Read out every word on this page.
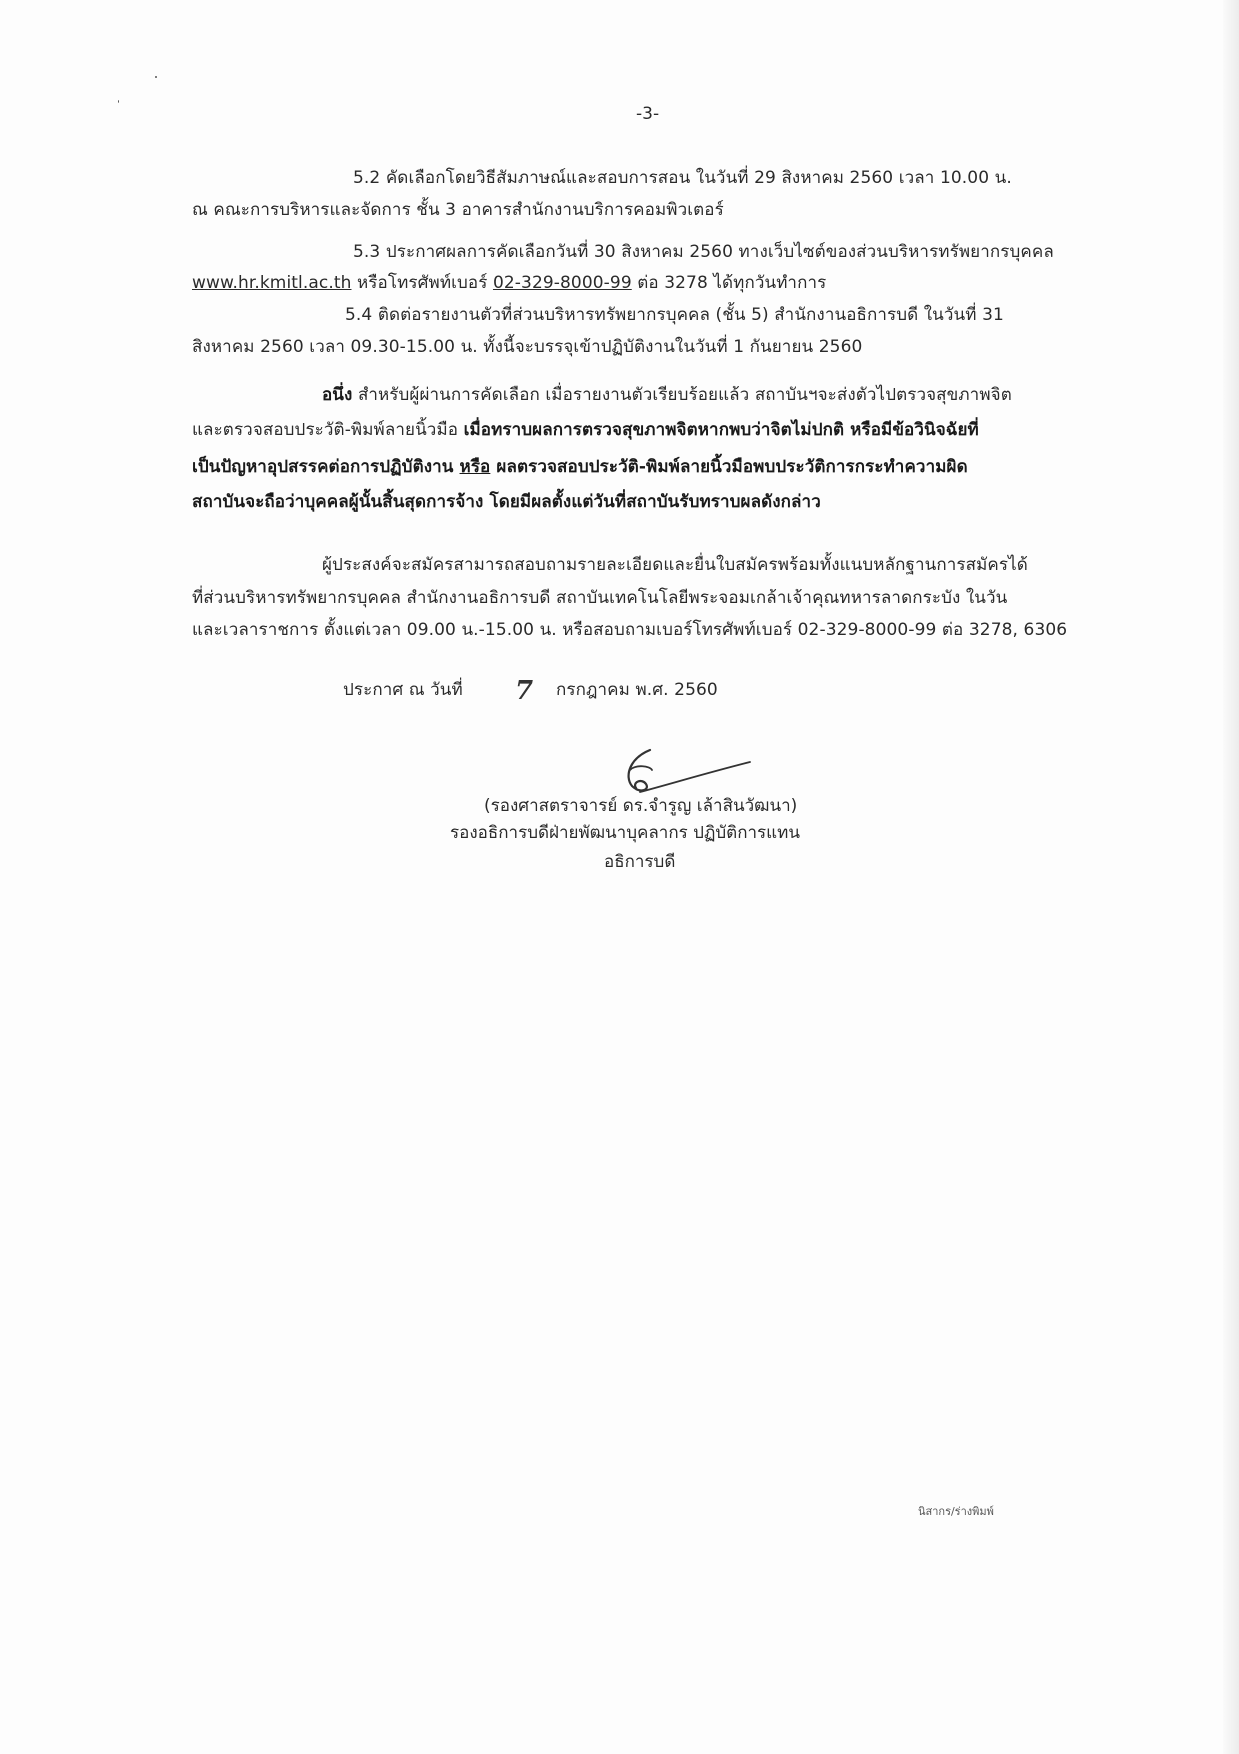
-3-
5.2 คัดเลือกโดยวิธีสัมภาษณ์และสอบการสอน ในวันที่ 29 สิงหาคม 2560 เวลา 10.00 น.
ณ คณะการบริหารและจัดการ ชั้น 3 อาคารสำนักงานบริการคอมพิวเตอร์
5.3 ประกาศผลการคัดเลือกวันที่ 30 สิงหาคม 2560 ทางเว็บไซต์ของส่วนบริหารทรัพยากรบุคคล
www.hr.kmitl.ac.th หรือโทรศัพท์เบอร์ 02-329-8000-99 ต่อ 3278 ได้ทุกวันทำการ
5.4 ติดต่อรายงานตัวที่ส่วนบริหารทรัพยากรบุคคล (ชั้น 5) สำนักงานอธิการบดี ในวันที่ 31
สิงหาคม 2560 เวลา 09.30-15.00 น. ทั้งนี้จะบรรจุเข้าปฏิบัติงานในวันที่ 1 กันยายน 2560
อนึ่ง สำหรับผู้ผ่านการคัดเลือก เมื่อรายงานตัวเรียบร้อยแล้ว สถาบันฯจะส่งตัวไปตรวจสุขภาพจิต
และตรวจสอบประวัติ-พิมพ์ลายนิ้วมือ เมื่อทราบผลการตรวจสุขภาพจิตหากพบว่าจิตไม่ปกติ หรือมีข้อวินิจฉัยที่
เป็นปัญหาอุปสรรคต่อการปฏิบัติงาน หรือ ผลตรวจสอบประวัติ-พิมพ์ลายนิ้วมือพบประวัติการกระทำความผิด
สถาบันจะถือว่าบุคคลผู้นั้นสิ้นสุดการจ้าง โดยมีผลตั้งแต่วันที่สถาบันรับทราบผลดังกล่าว
ผู้ประสงค์จะสมัครสามารถสอบถามรายละเอียดและยื่นใบสมัครพร้อมทั้งแนบหลักฐานการสมัครได้
ที่ส่วนบริหารทรัพยากรบุคคล สำนักงานอธิการบดี สถาบันเทคโนโลยีพระจอมเกล้าเจ้าคุณทหารลาดกระบัง ในวัน
และเวลาราชการ ตั้งแต่เวลา 09.00 น.-15.00 น. หรือสอบถามเบอร์โทรศัพท์เบอร์ 02-329-8000-99 ต่อ 3278, 6306
ประกาศ ณ วันที่ 7 กรกฎาคม พ.ศ. 2560
(รองศาสตราจารย์ ดร.จำรูญ เล้าสินวัฒนา)
รองอธิการบดีฝ่ายพัฒนาบุคลากร ปฏิบัติการแทน
อธิการบดี
นิสากร/ร่างพิมพ์
